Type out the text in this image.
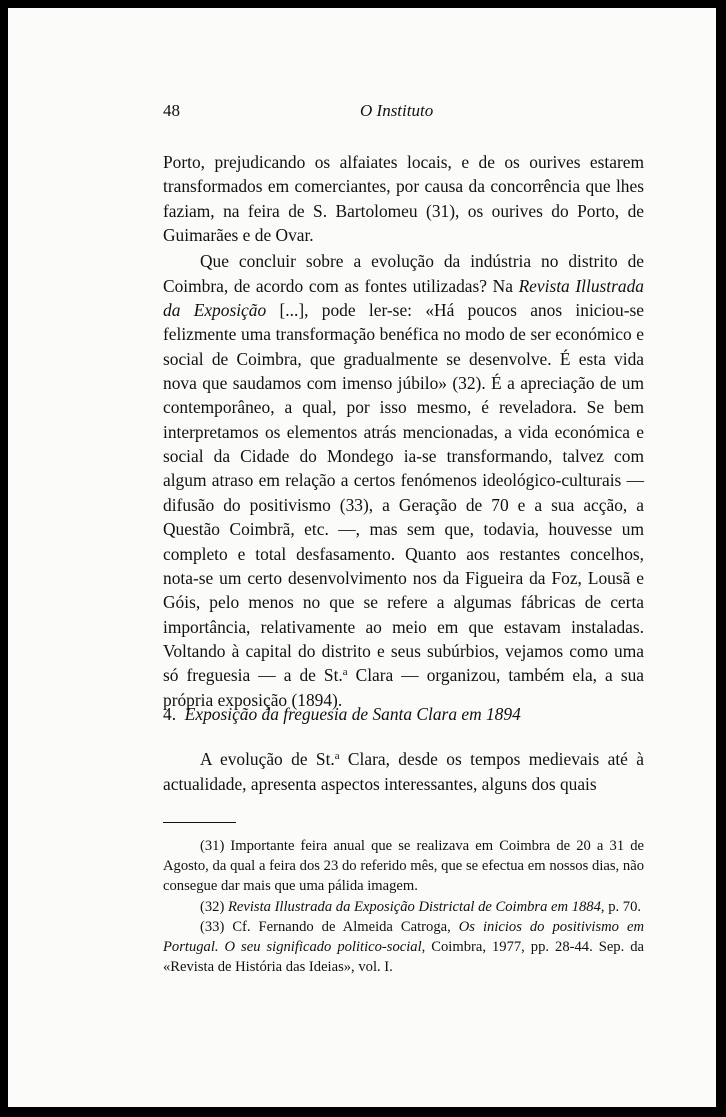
48	O Instituto

Porto, prejudicando os alfaiates locais, e de os ourives estarem transformados em comerciantes, por causa da concorrência que lhes faziam, na feira de S. Bartolomeu (31), os ourives do Porto, de Guimarães e de Ovar.

Que concluir sobre a evolução da indústria no distrito de Coimbra, de acordo com as fontes utilizadas? Na Revista Illustrada da Exposição [...], pode ler-se: «Há poucos anos iniciou-se felizmente uma transformação benéfica no modo de ser económico e social de Coimbra, que gradualmente se desenvolve. É esta vida nova que saudamos com imenso júbilo» (32). É a apreciação de um contemporâneo, a qual, por isso mesmo, é reveladora. Se bem interpretamos os elementos atrás mencionadas, a vida económica e social da Cidade do Mondego ia-se transformando, talvez com algum atraso em relação a certos fenómenos ideológico-culturais — difusão do positivismo (33), a Geração de 70 e a sua acção, a Questão Coimbrã, etc. —, mas sem que, todavia, houvesse um completo e total desfasamento. Quanto aos restantes concelhos, nota-se um certo desenvolvimento nos da Figueira da Foz, Lousã e Góis, pelo menos no que se refere a algumas fábricas de certa importância, relativamente ao meio em que estavam instaladas. Voltando à capital do distrito e seus subúrbios, vejamos como uma só freguesia — a de St.$^a$ Clara — organizou, também ela, a sua própria exposição (1894).

4. Exposição da freguesia de Santa Clara em 1894

A evolução de St.$^a$ Clara, desde os tempos medievais até à actualidade, apresenta aspectos interessantes, alguns dos quais

(31) Importante feira anual que se realizava em Coimbra de 20 a 31 de Agosto, da qual a feira dos 23 do referido mês, que se efectua em nossos dias, não consegue dar mais que uma pálida imagem.

(32) Revista Illustrada da Exposição Districtal de Coimbra em 1884, p. 70.

(33) Cf. Fernando de Almeida Catroga, Os inicios do positivismo em Portugal. O seu significado politico-social, Coimbra, 1977, pp. 28-44. Sep. da «Revista de História das Ideias», vol. I.
